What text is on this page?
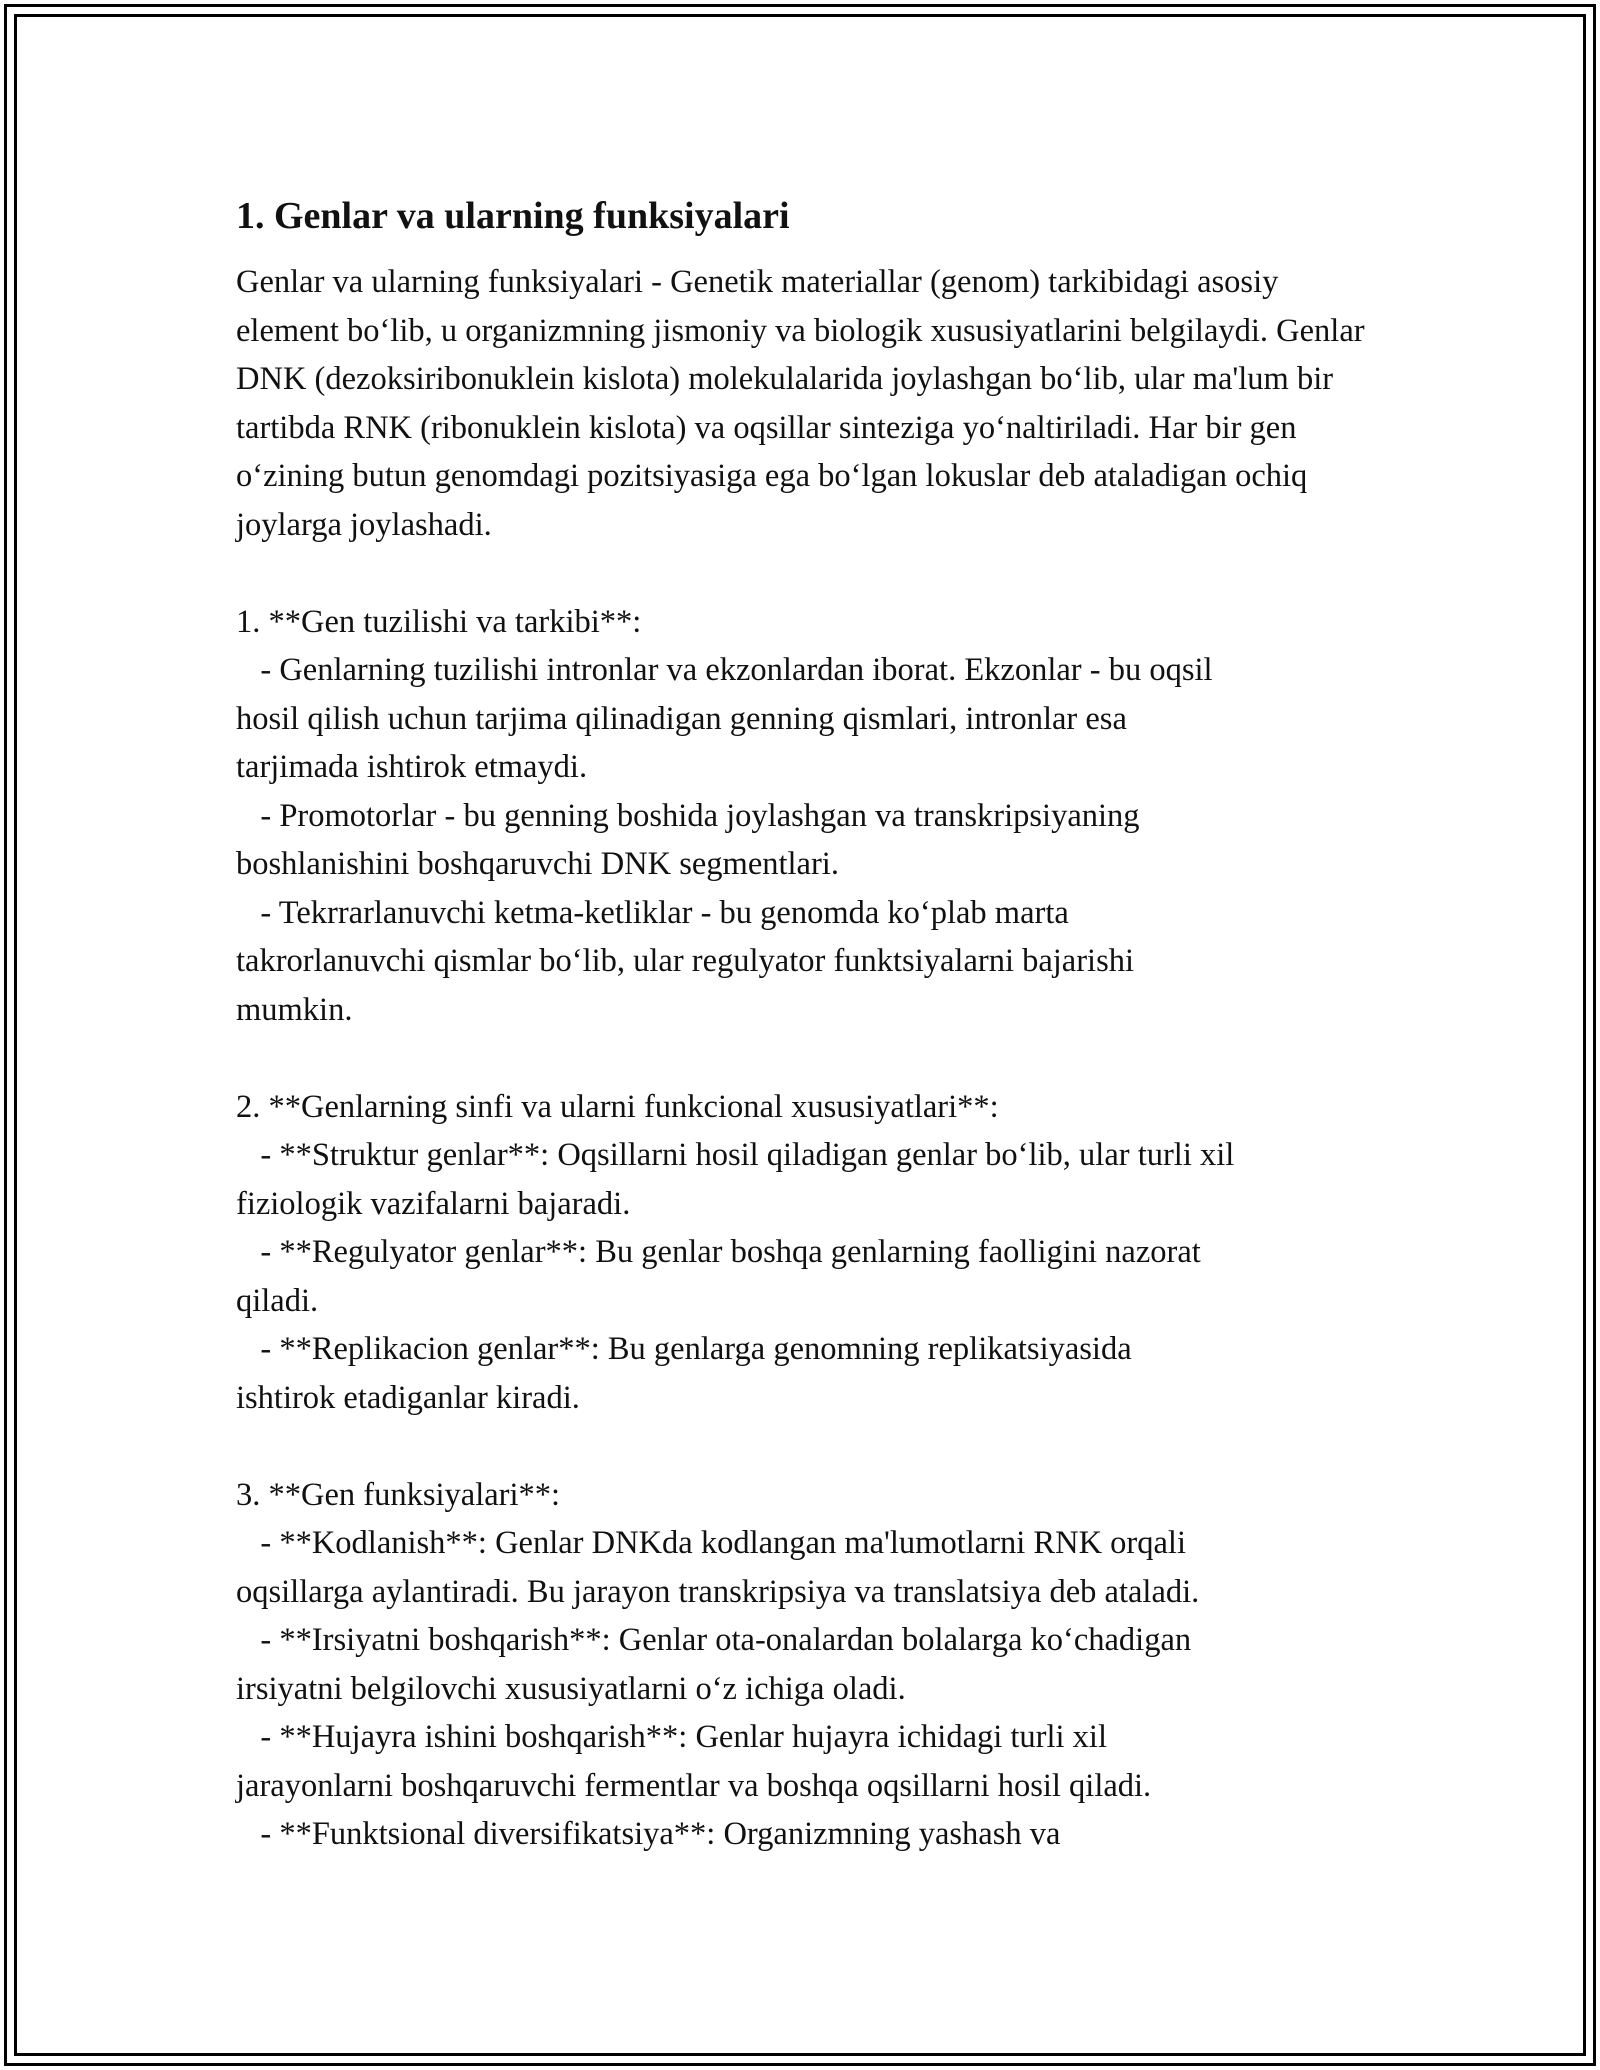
1. Genlar va ularning funksiyalari

Genlar va ularning funksiyalari - Genetik materiallar (genom) tarkibidagi asosiy element bo‘lib, u organizmning jismoniy va biologik xususiyatlarini belgilaydi. Genlar DNK (dezoksiribonuklein kislota) molekulalarida joylashgan bo‘lib, ular ma'lum bir tartibda RNK (ribonuklein kislota) va oqsillar sinteziga yo‘naltiriladi. Har bir gen o‘zining butun genomdagi pozitsiyasiga ega bo‘lgan lokuslar deb ataladigan ochiq joylarga joylashadi.

1. **Gen tuzilishi va tarkibi**:
- Genlarning tuzilishi intronlar va ekzonlardan iborat. Ekzonlar - bu oqsil
hosil qilish uchun tarjima qilinadigan genning qismlari, intronlar esa
tarjimada ishtirok etmaydi.
- Promotorlar - bu genning boshida joylashgan va transkripsiyaning
boshlanishini boshqaruvchi DNK segmentlari.
- Tekrrarlanuvchi ketma-ketliklar - bu genomda ko‘plab marta
takrorlanuvchi qismlar bo‘lib, ular regulyator funktsiyalarni bajarishi
mumkin.
2. **Genlarning sinfi va ularni funkcional xususiyatlari**:
- **Struktur genlar**: Oqsillarni hosil qiladigan genlar bo‘lib, ular turli xil
fiziologik vazifalarni bajaradi.
- **Regulyator genlar**: Bu genlar boshqa genlarning faolligini nazorat
qiladi.
- **Replikacion genlar**: Bu genlarga genomning replikatsiyasida
ishtirok etadiganlar kiradi.
3. **Gen funksiyalari**:
- **Kodlanish**: Genlar DNKda kodlangan ma'lumotlarni RNK orqali
oqsillarga aylantiradi. Bu jarayon transkripsiya va translatsiya deb ataladi.
- **Irsiyatni boshqarish**: Genlar ota-onalardan bolalarga ko‘chadigan
irsiyatni belgilovchi xususiyatlarni o‘z ichiga oladi.
- **Hujayra ishini boshqarish**: Genlar hujayra ichidagi turli xil
jarayonlarni boshqaruvchi fermentlar va boshqa oqsillarni hosil qiladi.
- **Funktsional diversifikatsiya**: Organizmning yashash va
